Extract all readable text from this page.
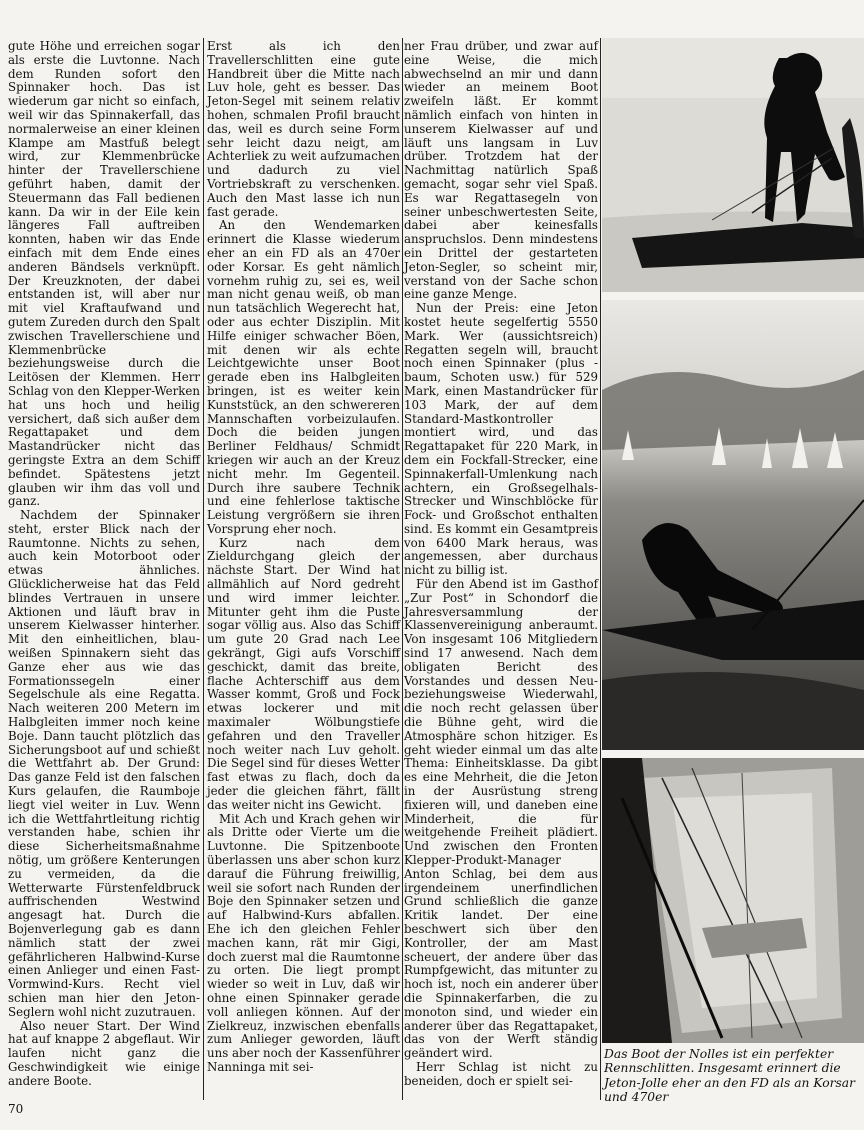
gute Höhe und erreichen sogar als erste die Luvtonne. Nach dem Runden sofort den Spinnaker hoch. Das ist wiederum gar nicht so einfach, weil wir das Spinnakerfall, das normalerweise an einer kleinen Klampe am Mastfuß belegt wird, zur Klemmenbrücke hinter der Travellerschiene geführt haben, damit der Steuermann das Fall bedienen kann. Da wir in der Eile kein längeres Fall auftreiben konnten, haben wir das Ende einfach mit dem Ende eines anderen Bändsels verknüpft. Der Kreuzknoten, der dabei entstanden ist, will aber nur mit viel Kraftaufwand und gutem Zureden durch den Spalt zwischen Travellerschiene und Klemmenbrücke beziehungsweise durch die Leitösen der Klemmen. Herr Schlag von den Klepper-Werken hat uns hoch und heilig versichert, daß sich außer dem Regattapaket und dem Mastandrücker nicht das geringste Extra an dem Schiff befindet. Spätestens jetzt glauben wir ihm das voll und ganz.

Nachdem der Spinnaker steht, erster Blick nach der Raumtonne. Nichts zu sehen, auch kein Motorboot oder etwas ähnliches. Glücklicherweise hat das Feld blindes Vertrauen in unsere Aktionen und läuft brav in unserem Kielwasser hinterher. Mit den einheitlichen, blau-weißen Spinnakern sieht das Ganze eher aus wie das Formationssegeln einer Segelschule als eine Regatta. Nach weiteren 200 Metern im Halbgleiten immer noch keine Boje. Dann taucht plötzlich das Sicherungsboot auf und schießt die Wettfahrt ab. Der Grund: Das ganze Feld ist den falschen Kurs gelaufen, die Raumboje liegt viel weiter in Luv. Wenn ich die Wettfahrtleitung richtig verstanden habe, schien ihr diese Sicherheitsmaßnahme nötig, um größere Kenterungen zu vermeiden, da die Wetterwarte Fürstenfeldbruck auffrischenden Westwind angesagt hat. Durch die Bojenverlegung gab es dann nämlich statt der zwei gefährlicheren Halbwind-Kurse einen Anlieger und einen Fast-Vormwind-Kurs. Recht viel schien man hier den Jeton-Seglern wohl nicht zuzutrauen.

Also neuer Start. Der Wind hat auf knappe 2 abgeflaut. Wir laufen nicht ganz die Geschwindigkeit wie einige andere Boote.

Erst als ich den Travellerschlitten eine gute Handbreit über die Mitte nach Luv hole, geht es besser. Das Jeton-Segel mit seinem relativ hohen, schmalen Profil braucht das, weil es durch seine Form sehr leicht dazu neigt, am Achterliek zu weit aufzumachen und dadurch zu viel Vortriebskraft zu verschenken. Auch den Mast lasse ich nun fast gerade.

An den Wendemarken erinnert die Klasse wiederum eher an ein FD als an 470er oder Korsar. Es geht nämlich vornehm ruhig zu, sei es, weil man nicht genau weiß, ob man nun tatsächlich Wegerecht hat, oder aus echter Disziplin. Mit Hilfe einiger schwacher Böen, mit denen wir als echte Leichtgewichte unser Boot gerade eben ins Halbgleiten bringen, ist es weiter kein Kunststück, an den schwereren Mannschaften vorbeizulaufen. Doch die beiden jungen Berliner Feldhaus/ Schmidt kriegen wir auch an der Kreuz nicht mehr. Im Gegenteil. Durch ihre saubere Technik und eine fehlerlose taktische Leistung vergrößern sie ihren Vorsprung eher noch.

Kurz nach dem Zieldurchgang gleich der nächste Start. Der Wind hat allmählich auf Nord gedreht und wird immer leichter. Mitunter geht ihm die Puste sogar völlig aus. Also das Schiff um gute 20 Grad nach Lee gekrängt, Gigi aufs Vorschiff geschickt, damit das breite, flache Achterschiff aus dem Wasser kommt, Groß und Fock etwas lockerer und mit maximaler Wölbungstiefe gefahren und den Traveller noch weiter nach Luv geholt. Die Segel sind für dieses Wetter fast etwas zu flach, doch da jeder die gleichen fährt, fällt das weiter nicht ins Gewicht.

Mit Ach und Krach gehen wir als Dritte oder Vierte um die Luvtonne. Die Spitzenboote überlassen uns aber schon kurz darauf die Führung freiwillig, weil sie sofort nach Runden der Boje den Spinnaker setzen und auf Halbwind-Kurs abfallen. Ehe ich den gleichen Fehler machen kann, rät mir Gigi, doch zuerst mal die Raumtonne zu orten. Die liegt prompt wieder so weit in Luv, daß wir ohne einen Spinnaker gerade voll anliegen können. Auf der Zielkreuz, inzwischen ebenfalls zum Anlieger geworden, läuft uns aber noch der Kassenführer Nanninga mit sei-

ner Frau drüber, und zwar auf eine Weise, die mich abwechselnd an mir und dann wieder an meinem Boot zweifeln läßt. Er kommt nämlich einfach von hinten in unserem Kielwasser auf und läuft uns langsam in Luv drüber. Trotzdem hat der Nachmittag natürlich Spaß gemacht, sogar sehr viel Spaß. Es war Regattasegeln von seiner unbeschwertesten Seite, dabei aber keinesfalls anspruchslos. Denn mindestens ein Drittel der gestarteten Jeton-Segler, so scheint mir, verstand von der Sache schon eine ganze Menge.

Nun der Preis: eine Jeton kostet heute segelfertig 5550 Mark. Wer (aussichtsreich) Regatten segeln will, braucht noch einen Spinnaker (plus -baum, Schoten usw.) für 529 Mark, einen Mastandrücker für 103 Mark, der auf dem Standard-Mastkontroller montiert wird, und das Regattapaket für 220 Mark, in dem ein Fockfall-Strecker, eine Spinnakerfall-Umlenkung nach achtern, ein Großsegelhals-Strecker und Winschblöcke für Fock- und Großschot enthalten sind. Es kommt ein Gesamtpreis von 6400 Mark heraus, was angemessen, aber durchaus nicht zu billig ist.

Für den Abend ist im Gasthof „Zur Post“ in Schondorf die Jahresversammlung der Klassenvereinigung anberaumt. Von insgesamt 106 Mitgliedern sind 17 anwesend. Nach dem obligaten Bericht des Vorstandes und dessen Neu- beziehungsweise Wiederwahl, die noch recht gelassen über die Bühne geht, wird die Atmosphäre schon hitziger. Es geht wieder einmal um das alte Thema: Einheitsklasse. Da gibt es eine Mehrheit, die die Jeton in der Ausrüstung streng fixieren will, und daneben eine Minderheit, die für weitgehende Freiheit plädiert. Und zwischen den Fronten Klepper-Produkt-Manager Anton Schlag, bei dem aus irgendeinem unerfindlichen Grund schließlich die ganze Kritik landet. Der eine beschwert sich über den Kontroller, der am Mast scheuert, der andere über das Rumpfgewicht, das mitunter zu hoch ist, noch ein anderer über die Spinnakerfarben, die zu monoton sind, und wieder ein anderer über das Regattapaket, das von der Werft ständig geändert wird.

Herr Schlag ist nicht zu beneiden, doch er spielt sei-

Das Boot der Nolles ist ein perfekter Rennschlitten. Insgesamt erinnert die Jeton-Jolle eher an den FD als an Korsar und 470er
70
